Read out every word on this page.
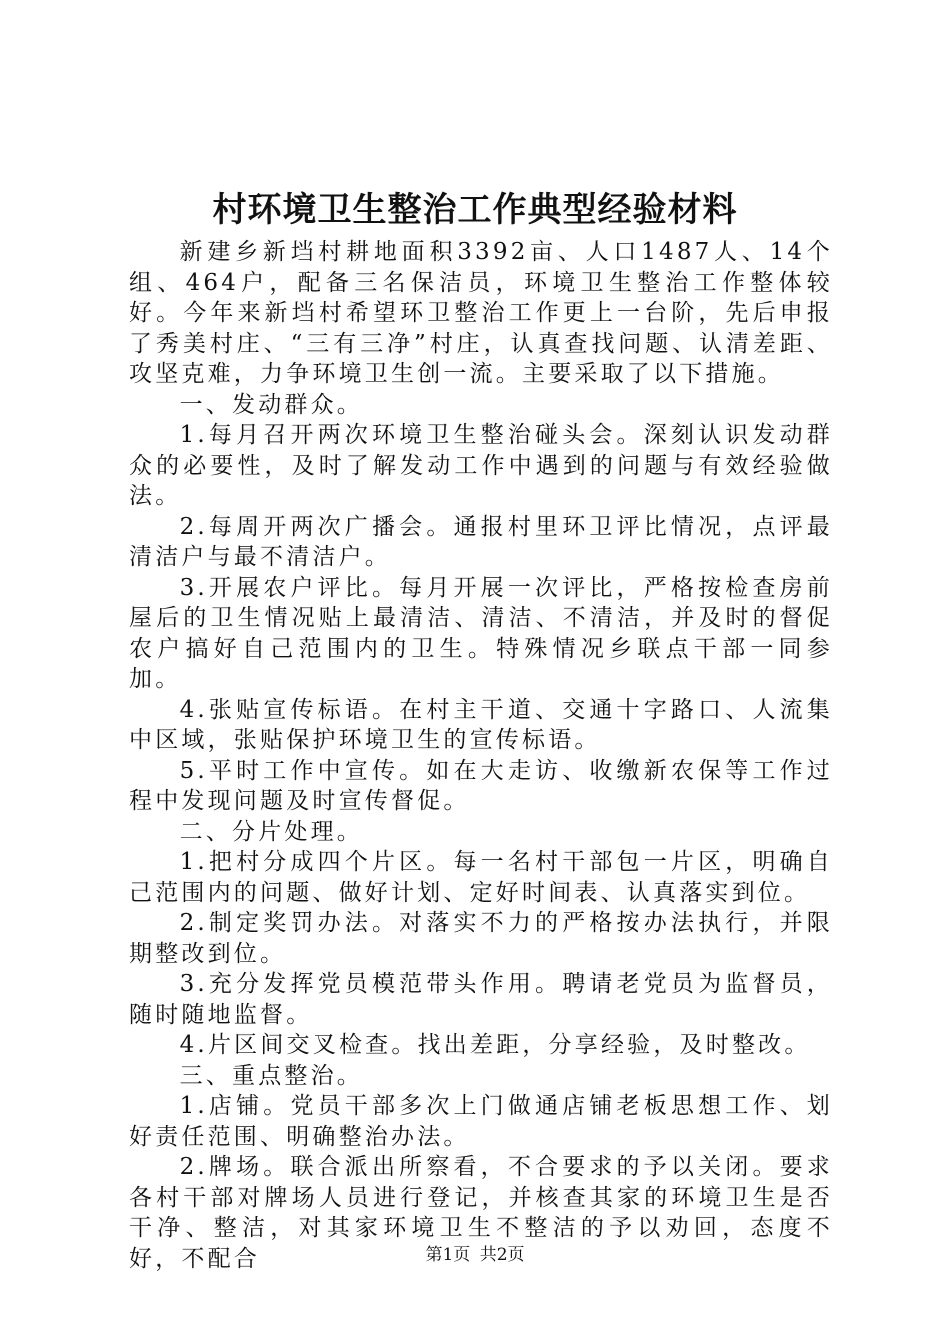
村环境卫生整治工作典型经验材料

新建乡新垱村耕地面积3392亩、人口1487人、14个组、464户，配备三名保洁员，环境卫生整治工作整体较好。今年来新垱村希望环卫整治工作更上一台阶，先后申报了秀美村庄、“三有三净”村庄，认真查找问题、认清差距、攻坚克难，力争环境卫生创一流。主要采取了以下措施。

一、发动群众。

1.每月召开两次环境卫生整治碰头会。深刻认识发动群众的必要性，及时了解发动工作中遇到的问题与有效经验做法。

2.每周开两次广播会。通报村里环卫评比情况，点评最清洁户与最不清洁户。

3.开展农户评比。每月开展一次评比，严格按检查房前屋后的卫生情况贴上最清洁、清洁、不清洁，并及时的督促农户搞好自己范围内的卫生。特殊情况乡联点干部一同参加。

4.张贴宣传标语。在村主干道、交通十字路口、人流集中区域，张贴保护环境卫生的宣传标语。

5.平时工作中宣传。如在大走访、收缴新农保等工作过程中发现问题及时宣传督促。

二、分片处理。

1.把村分成四个片区。每一名村干部包一片区，明确自己范围内的问题、做好计划、定好时间表、认真落实到位。

2.制定奖罚办法。对落实不力的严格按办法执行，并限期整改到位。

3.充分发挥党员模范带头作用。聘请老党员为监督员，随时随地监督。

4.片区间交叉检查。找出差距，分享经验，及时整改。

三、重点整治。

1.店铺。党员干部多次上门做通店铺老板思想工作、划好责任范围、明确整治办法。

2.牌场。联合派出所察看，不合要求的予以关闭。要求各村干部对牌场人员进行登记，并核查其家的环境卫生是否干净、整洁，对其家环境卫生不整洁的予以劝回，态度不好，不配合	第1页 共2页
